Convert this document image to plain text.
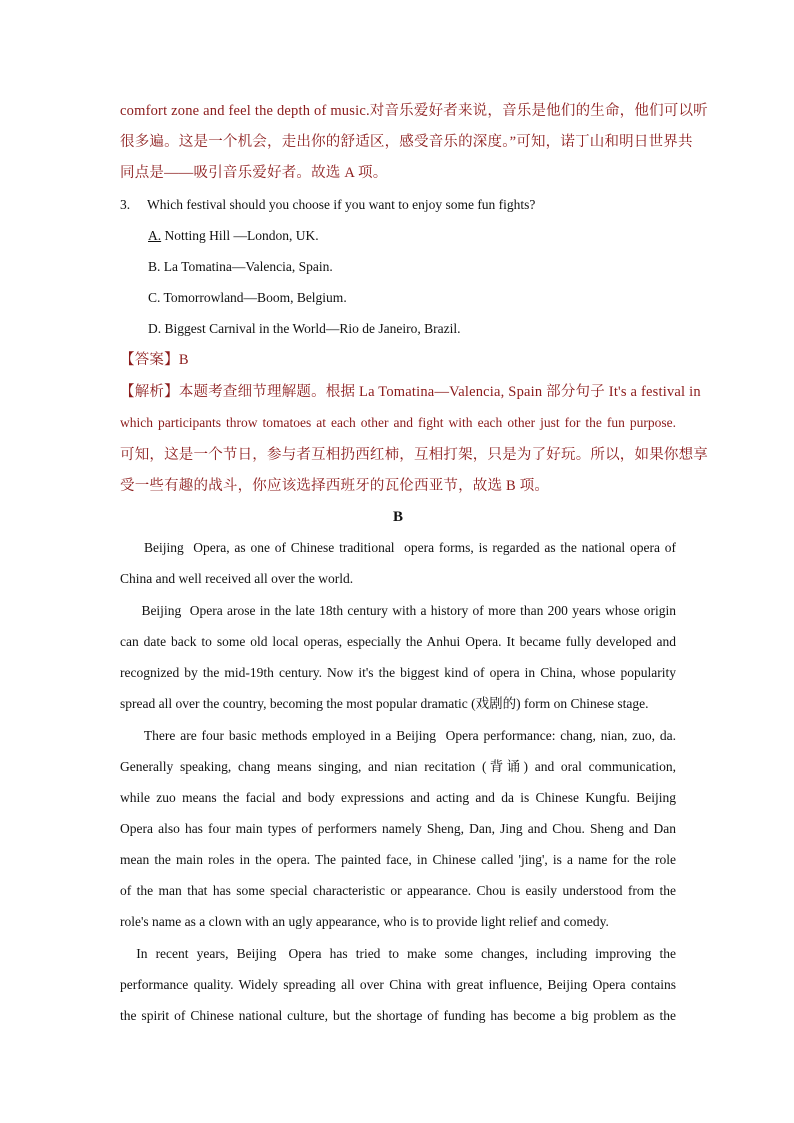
comfort zone and feel the depth of music.对音乐爱好者来说，音乐是他们的生命，他们可以听
很多遍。这是一个机会，走出你的舒适区，感受音乐的深度。”可知，诺丁山和明日世界共
同点是——吸引音乐爱好者。故选 A 项。
3. Which festival should you choose if you want to enjoy some fun fights?
A. Notting Hill —London, UK.
B. La Tomatina—Valencia, Spain.
C. Tomorrowland—Boom, Belgium.
D. Biggest Carnival in the World—Rio de Janeiro, Brazil.
【答案】B
【解析】本题考查细节理解题。根据 La Tomatina—Valencia, Spain 部分句子 It's a festival in
which participants throw tomatoes at each other and fight with each other just for the fun purpose.
可知，这是一个节日，参与者互相扔西红柿，互相打架，只是为了好玩。所以，如果你想享
受一些有趣的战斗，你应该选择西班牙的瓦伦西亚节，故选 B 项。
B
Beijing  Opera, as one of Chinese traditional  opera forms, is regarded as the national opera of
China and well received all over the world.
Beijing  Opera arose in the late 18th century with a history of more than 200 years whose origin
can date back to some old local operas, especially the Anhui Opera. It became fully developed and
recognized by the mid-19th century. Now it's the biggest kind of opera in China, whose popularity
spread all over the country, becoming the most popular dramatic (戏剧的) form on Chinese stage.
There are four basic methods employed in a Beijing  Opera performance: chang, nian, zuo, da.
Generally speaking, chang means singing, and nian recitation (背诵) and oral communication,
while zuo means the facial and body expressions and acting and da is Chinese Kungfu. Beijing
Opera also has four main types of performers namely Sheng, Dan, Jing and Chou. Sheng and Dan
mean the main roles in the opera. The painted face, in Chinese called 'jing', is a name for the role
of the man that has some special characteristic or appearance. Chou is easily understood from the
role's name as a clown with an ugly appearance, who is to provide light relief and comedy.
In  recent  years,  Beijing   Opera  has  tried  to  make  some  changes,  including  improving  the
performance quality. Widely spreading all over China with great influence, Beijing Opera contains
the spirit of Chinese national culture, but the shortage of funding has become a big problem as the
